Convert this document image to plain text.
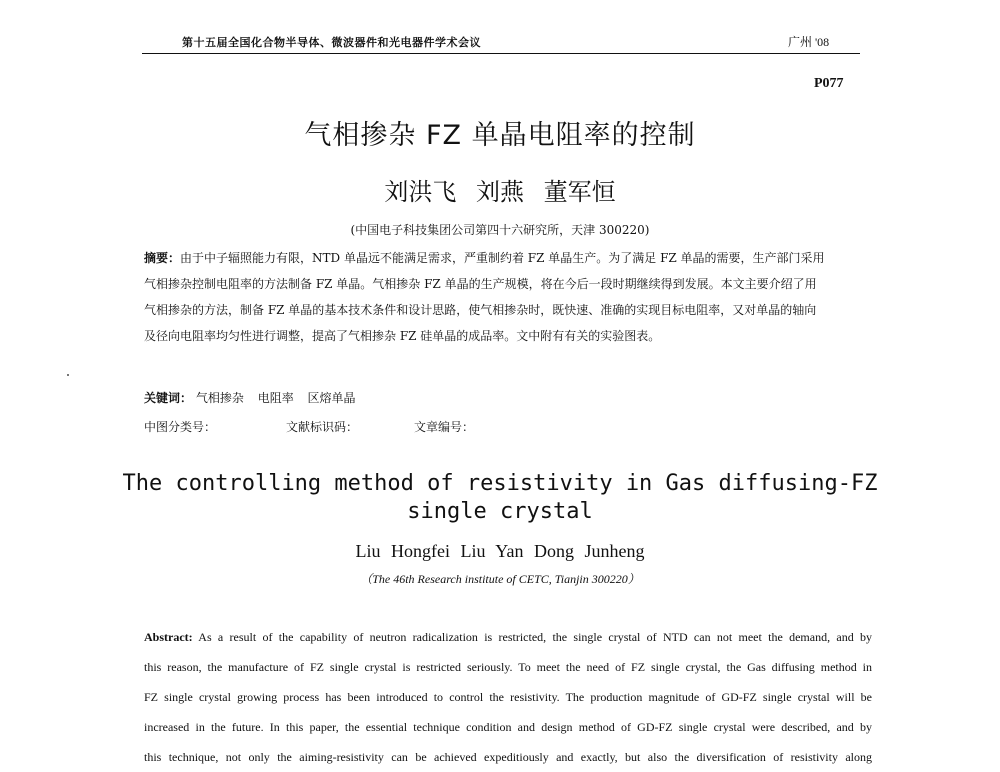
第十五届全国化合物半导体、微波器件和光电器件学术会议	广州 '08
P077
气相掺杂 FZ 单晶电阻率的控制
刘洪飞 刘燕 董军恒
(中国电子科技集团公司第四十六研究所，天津 300220)
摘要：由于中子辐照能力有限，NTD 单晶远不能满足需求，严重制约着 FZ 单晶生产。为了满足 FZ 单晶的需要，生产部门采用
气相掺杂控制电阻率的方法制备 FZ 单晶。气相掺杂 FZ 单晶的生产规模，将在今后一段时期继续得到发展。本文主要介绍了用
气相掺杂的方法，制备 FZ 单晶的基本技术条件和设计思路，使气相掺杂时，既快速、准确的实现目标电阻率，又对单晶的轴向
及径向电阻率均匀性进行调整，提高了气相掺杂 FZ 硅单晶的成品率。文中附有有关的实验图表。
关键词： 气相掺杂 电阻率 区熔单晶
中图分类号：	文献标识码：	文章编号：
The controlling method of resistivity in Gas diffusing-FZ
single crystal
Liu Hongfei Liu Yan Dong Junheng
（The 46th Research institute of CETC, Tianjin 300220）
Abstract: As a result of the capability of neutron radicalization is restricted, the single crystal of NTD can not meet the demand, and by
this reason, the manufacture of FZ single crystal is restricted seriously. To meet the need of FZ single crystal, the Gas diffusing method in
FZ single crystal growing process has been introduced to control the resistivity. The production magnitude of GD-FZ single crystal will be
increased in the future. In this paper, the essential technique condition and design method of GD-FZ single crystal were described, and by
this technique, not only the aiming-resistivity can be achieved expeditiously and exactly, but also the diversification of resistivity along
